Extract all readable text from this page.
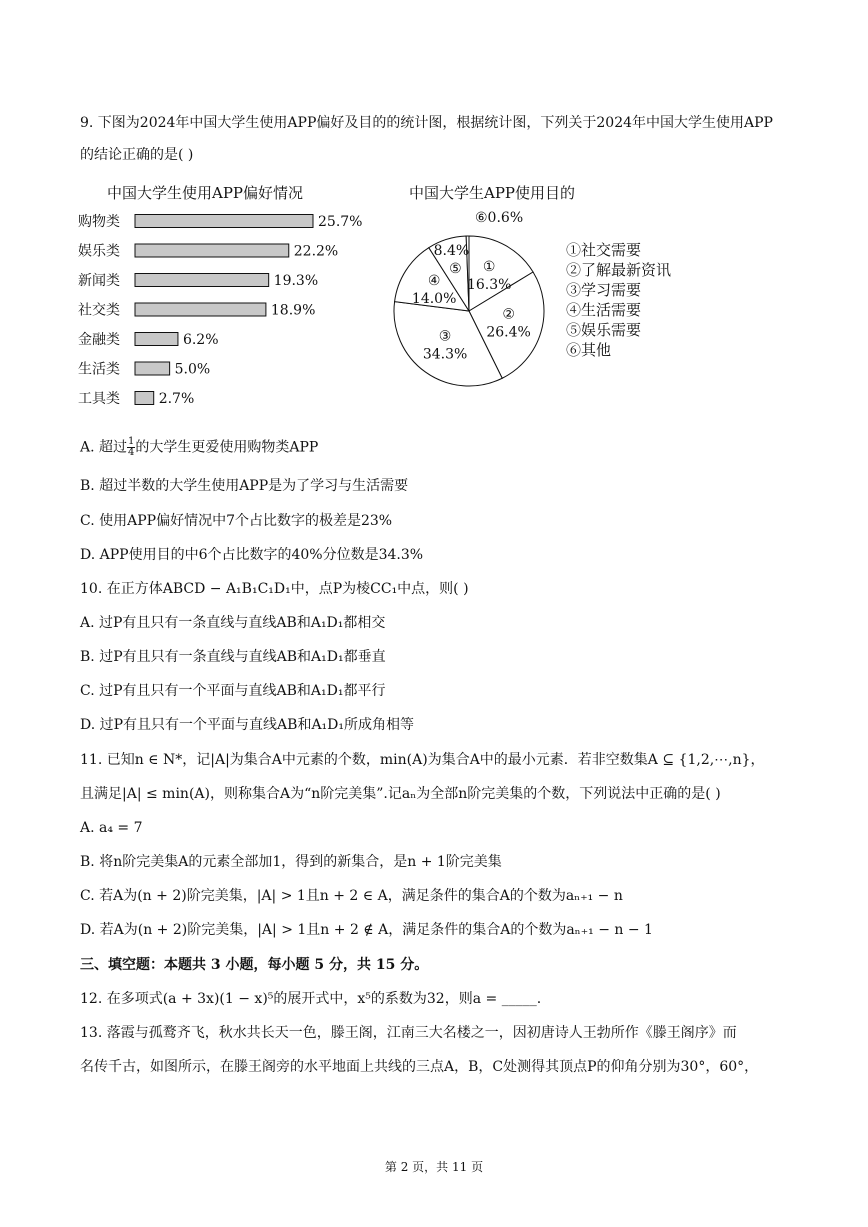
9. 下图为2024年中国大学生使用APP偏好及目的的统计图，根据统计图，下列关于2024年中国大学生使用APP
的结论正确的是( )
中国大学生使用APP偏好情况
购物类	25.7%
娱乐类	22.2%
新闻类	19.3%
社交类	18.9%
金融类	6.2%
生活类	5.0%
工具类	2.7%
中国大学生APP使用目的
①
16.3%
②
26.4%
③
34.3%
④
14.0%
8.4%
⑤
⑥0.6%
①社交需要
②了解最新资讯
③学习需要
④生活需要
⑤娱乐需要
⑥其他
A. 超过 $\frac{1}{4}$ 的大学生更爱使用购物类APP
B. 超过半数的大学生使用APP是为了学习与生活需要
C. 使用APP偏好情况中7个占比数字的极差是23%
D. APP使用目的中6个占比数字的40%分位数是34.3%
10. 在正方体ABCD − A₁B₁C₁D₁中，点P为棱CC₁中点，则( )
A. 过P有且只有一条直线与直线AB和A₁D₁都相交
B. 过P有且只有一条直线与直线AB和A₁D₁都垂直
C. 过P有且只有一个平面与直线AB和A₁D₁都平行
D. 过P有且只有一个平面与直线AB和A₁D₁所成角相等
11. 已知n ∈ N*，记|A|为集合A中元素的个数，min(A)为集合A中的最小元素．若非空数集A ⊆ {1,2,⋯,n}，
且满足|A| ≤ min(A)，则称集合A为“n阶完美集”.记aₙ为全部n阶完美集的个数，下列说法中正确的是( )
A. a₄ = 7
B. 将n阶完美集A的元素全部加1，得到的新集合，是n + 1阶完美集
C. 若A为(n + 2)阶完美集，|A| > 1且n + 2 ∈ A，满足条件的集合A的个数为aₙ₊₁ − n
D. 若A为(n + 2)阶完美集，|A| > 1且n + 2 ∉ A，满足条件的集合A的个数为aₙ₊₁ − n − 1
三、填空题：本题共 3 小题，每小题 5 分，共 15 分。
12. 在多项式(a + 3x)(1 − x)⁵的展开式中，x⁵的系数为32，则a = _____.
13. 落霞与孤鹜齐飞，秋水共长天一色，滕王阁，江南三大名楼之一，因初唐诗人王勃所作《滕王阁序》而
名传千古，如图所示，在滕王阁旁的水平地面上共线的三点A，B，C处测得其顶点P的仰角分别为30°，60°，
第 2 页，共 11 页
